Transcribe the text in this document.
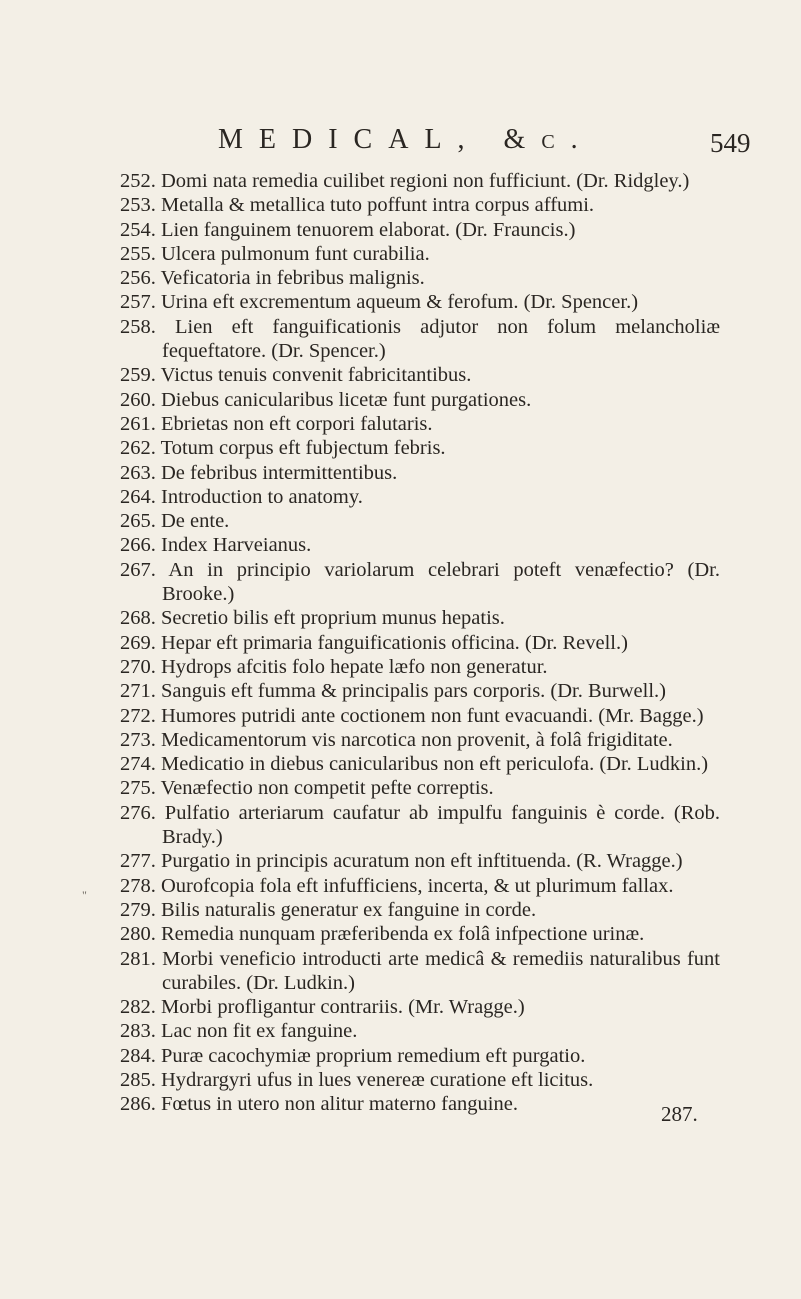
MEDICAL, &c.	549
"
252. Domi nata remedia cuilibet regioni non fufficiunt. (Dr. Ridgley.)
253. Metalla & metallica tuto poffunt intra corpus affumi.
254. Lien fanguinem tenuorem elaborat. (Dr. Frauncis.)
255. Ulcera pulmonum funt curabilia.
256. Veficatoria in febribus malignis.
257. Urina eft excrementum aqueum & ferofum. (Dr. Spencer.)
258. Lien eft fanguificationis adjutor non folum melancholiæ fequeftatore. (Dr. Spencer.)
259. Victus tenuis convenit fabricitantibus.
260. Diebus canicularibus licetæ funt purgationes.
261. Ebrietas non eft corpori falutaris.
262. Totum corpus eft fubjectum febris.
263. De febribus intermittentibus.
264. Introduction to anatomy.
265. De ente.
266. Index Harveianus.
267. An in principio variolarum celebrari poteft venæfectio? (Dr. Brooke.)
268. Secretio bilis eft proprium munus hepatis.
269. Hepar eft primaria fanguificationis officina. (Dr. Revell.)
270. Hydrops afcitis folo hepate læfo non generatur.
271. Sanguis eft fumma & principalis pars corporis. (Dr. Burwell.)
272. Humores putridi ante coctionem non funt evacuandi. (Mr. Bagge.)
273. Medicamentorum vis narcotica non provenit, à folâ frigiditate.
274. Medicatio in diebus canicularibus non eft periculofa. (Dr. Ludkin.)
275. Venæfectio non competit pefte correptis.
276. Pulfatio arteriarum caufatur ab impulfu fanguinis è corde. (Rob. Brady.)
277. Purgatio in principis acuratum non eft inftituenda. (R. Wragge.)
278. Ourofcopia fola eft infufficiens, incerta, & ut plurimum fallax.
279. Bilis naturalis generatur ex fanguine in corde.
280. Remedia nunquam præferibenda ex folâ infpectione urinæ.
281. Morbi veneficio introducti arte medicâ & remediis naturalibus funt curabiles. (Dr. Ludkin.)
282. Morbi profligantur contrariis. (Mr. Wragge.)
283. Lac non fit ex fanguine.
284. Puræ cacochymiæ proprium remedium eft purgatio.
285. Hydrargyri ufus in lues venereæ curatione eft licitus.
286. Fœtus in utero non alitur materno fanguine.	287.
